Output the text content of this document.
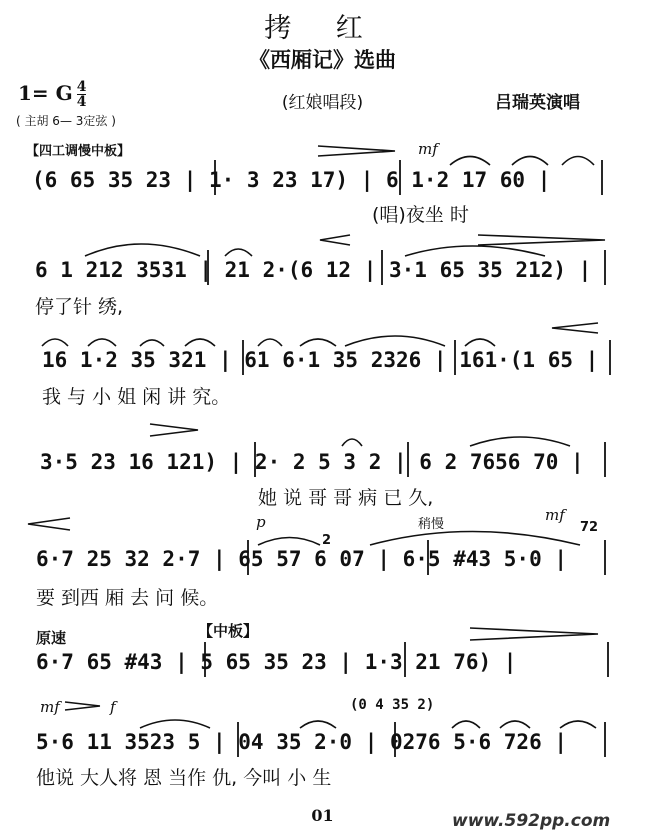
拷 红
《西厢记》选曲
(红娘唱段)	吕瑞英演唱
1= G $\frac{4}{4}$
( 主胡 6— 3定弦 )
【四工调慢中板】	mf
(6 65 35 23 | 1· 3 23 17) | 6 1·2 17 60 |
(唱)夜坐 时
6 1 212 3531 | 21 2·(6 12 | 3·1 65 35 212) |
停了针 绣,
16 1·2 35 321 | 61 6·1 35 2326 | 161·(1 65 |
我 与 小 姐 闲 讲 究。
3·5 23 16 121) | 2· 2 5 3 2 | 6 2 7656 70 |
她 说 哥 哥 病 已 久,
p	稍慢
mf
72
2
6·7 25 32 2·7 | 65 57 6 07 | 6·5 #43 5·0 |
要 到西 厢 去 问 候。
原速	【中板】
6·7 65 #43 | 5 65 35 23 | 1·3 21 76) |
mf	f	(0 4 35 2)
5·6 11 3523 5 | 04 35 2·0 | 0276 5·6 726 |
他说 大人将 恩 当作 仇, 今叫 小 生
01	www.592pp.com
